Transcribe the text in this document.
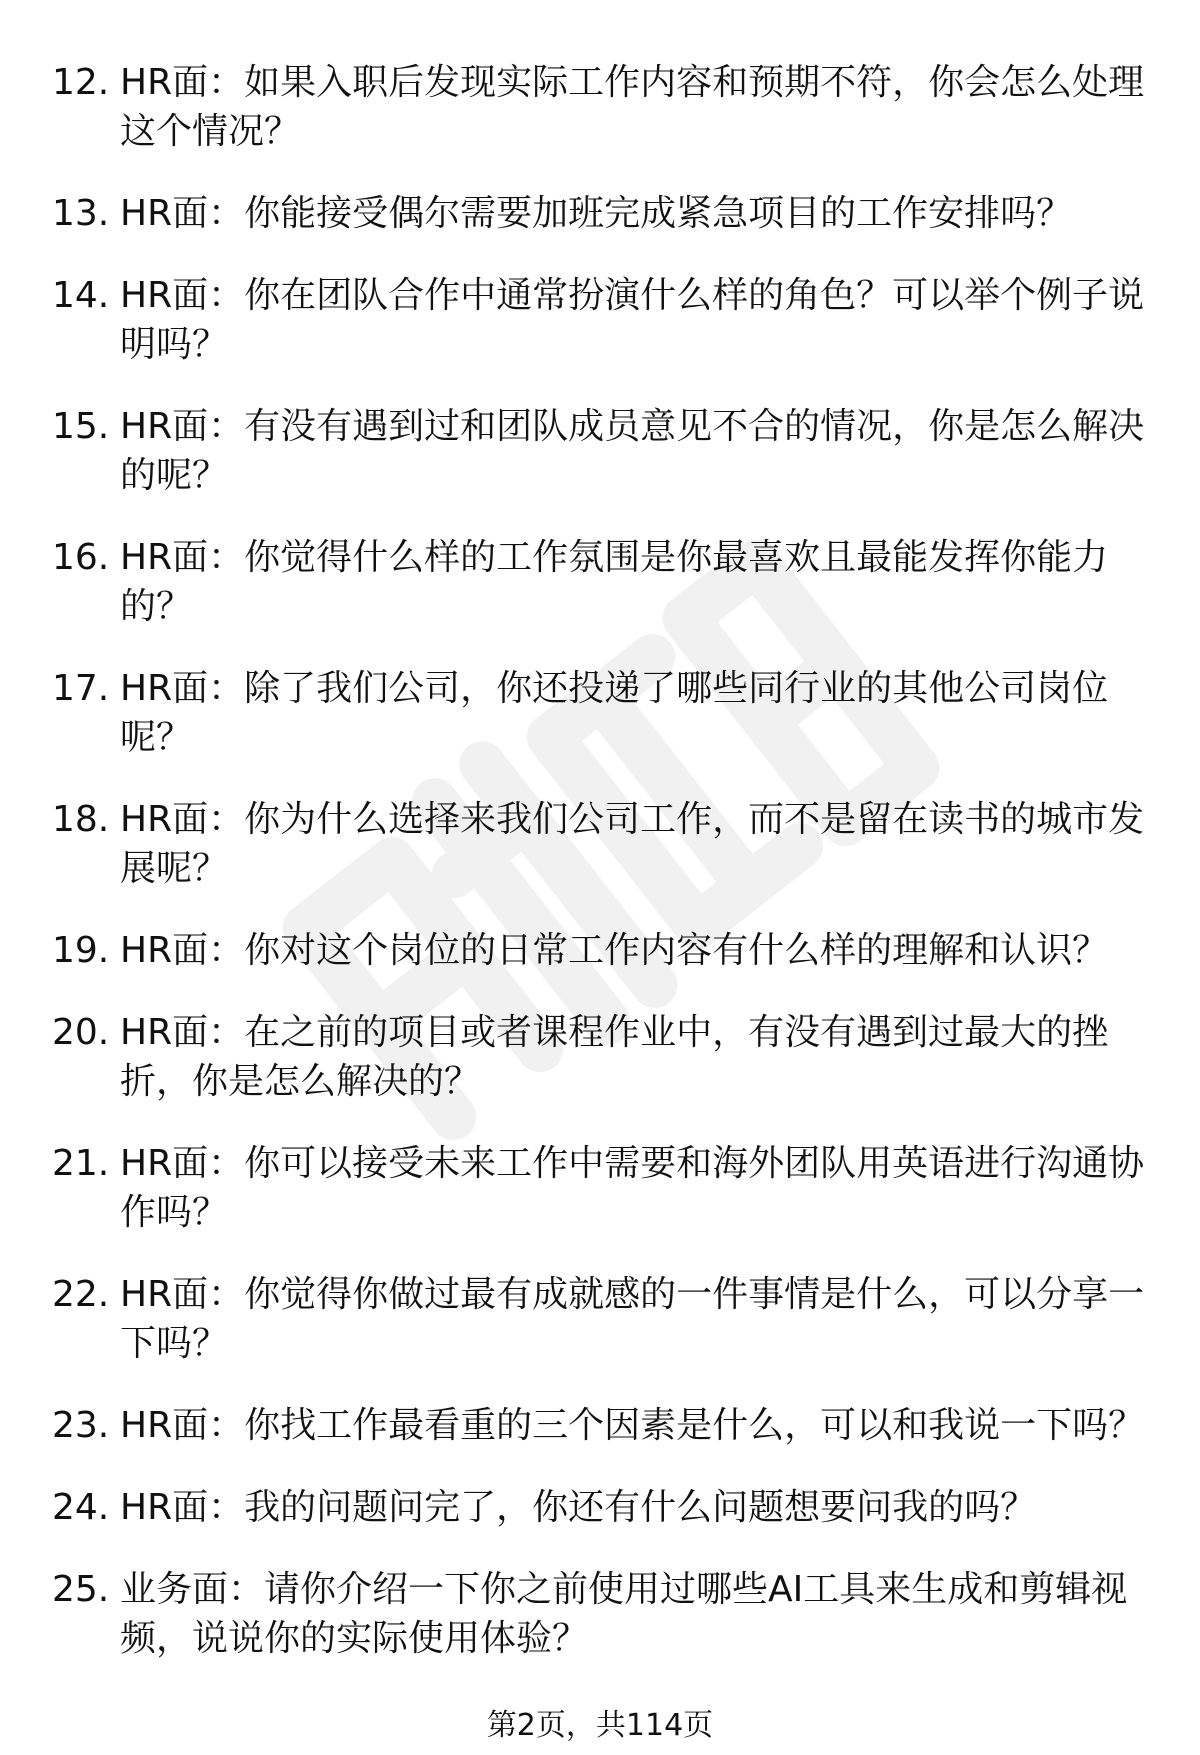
12. HR面：如果入职后发现实际工作内容和预期不符，你会怎么处理这个情况？
13. HR面：你能接受偶尔需要加班完成紧急项目的工作安排吗？
14. HR面：你在团队合作中通常扮演什么样的角色？可以举个例子说明吗？
15. HR面：有没有遇到过和团队成员意见不合的情况，你是怎么解决的呢？
16. HR面：你觉得什么样的工作氛围是你最喜欢且最能发挥你能力的？
17. HR面：除了我们公司，你还投递了哪些同行业的其他公司岗位呢？
18. HR面：你为什么选择来我们公司工作，而不是留在读书的城市发展呢？
19. HR面：你对这个岗位的日常工作内容有什么样的理解和认识？
20. HR面：在之前的项目或者课程作业中，有没有遇到过最大的挫折，你是怎么解决的？
21. HR面：你可以接受未来工作中需要和海外团队用英语进行沟通协作吗？
22. HR面：你觉得你做过最有成就感的一件事情是什么，可以分享一下吗？
23. HR面：你找工作最看重的三个因素是什么，可以和我说一下吗？
24. HR面：我的问题问完了，你还有什么问题想要问我的吗？
25. 业务面：请你介绍一下你之前使用过哪些AI工具来生成和剪辑视频，说说你的实际使用体验？
第2页，共114页
